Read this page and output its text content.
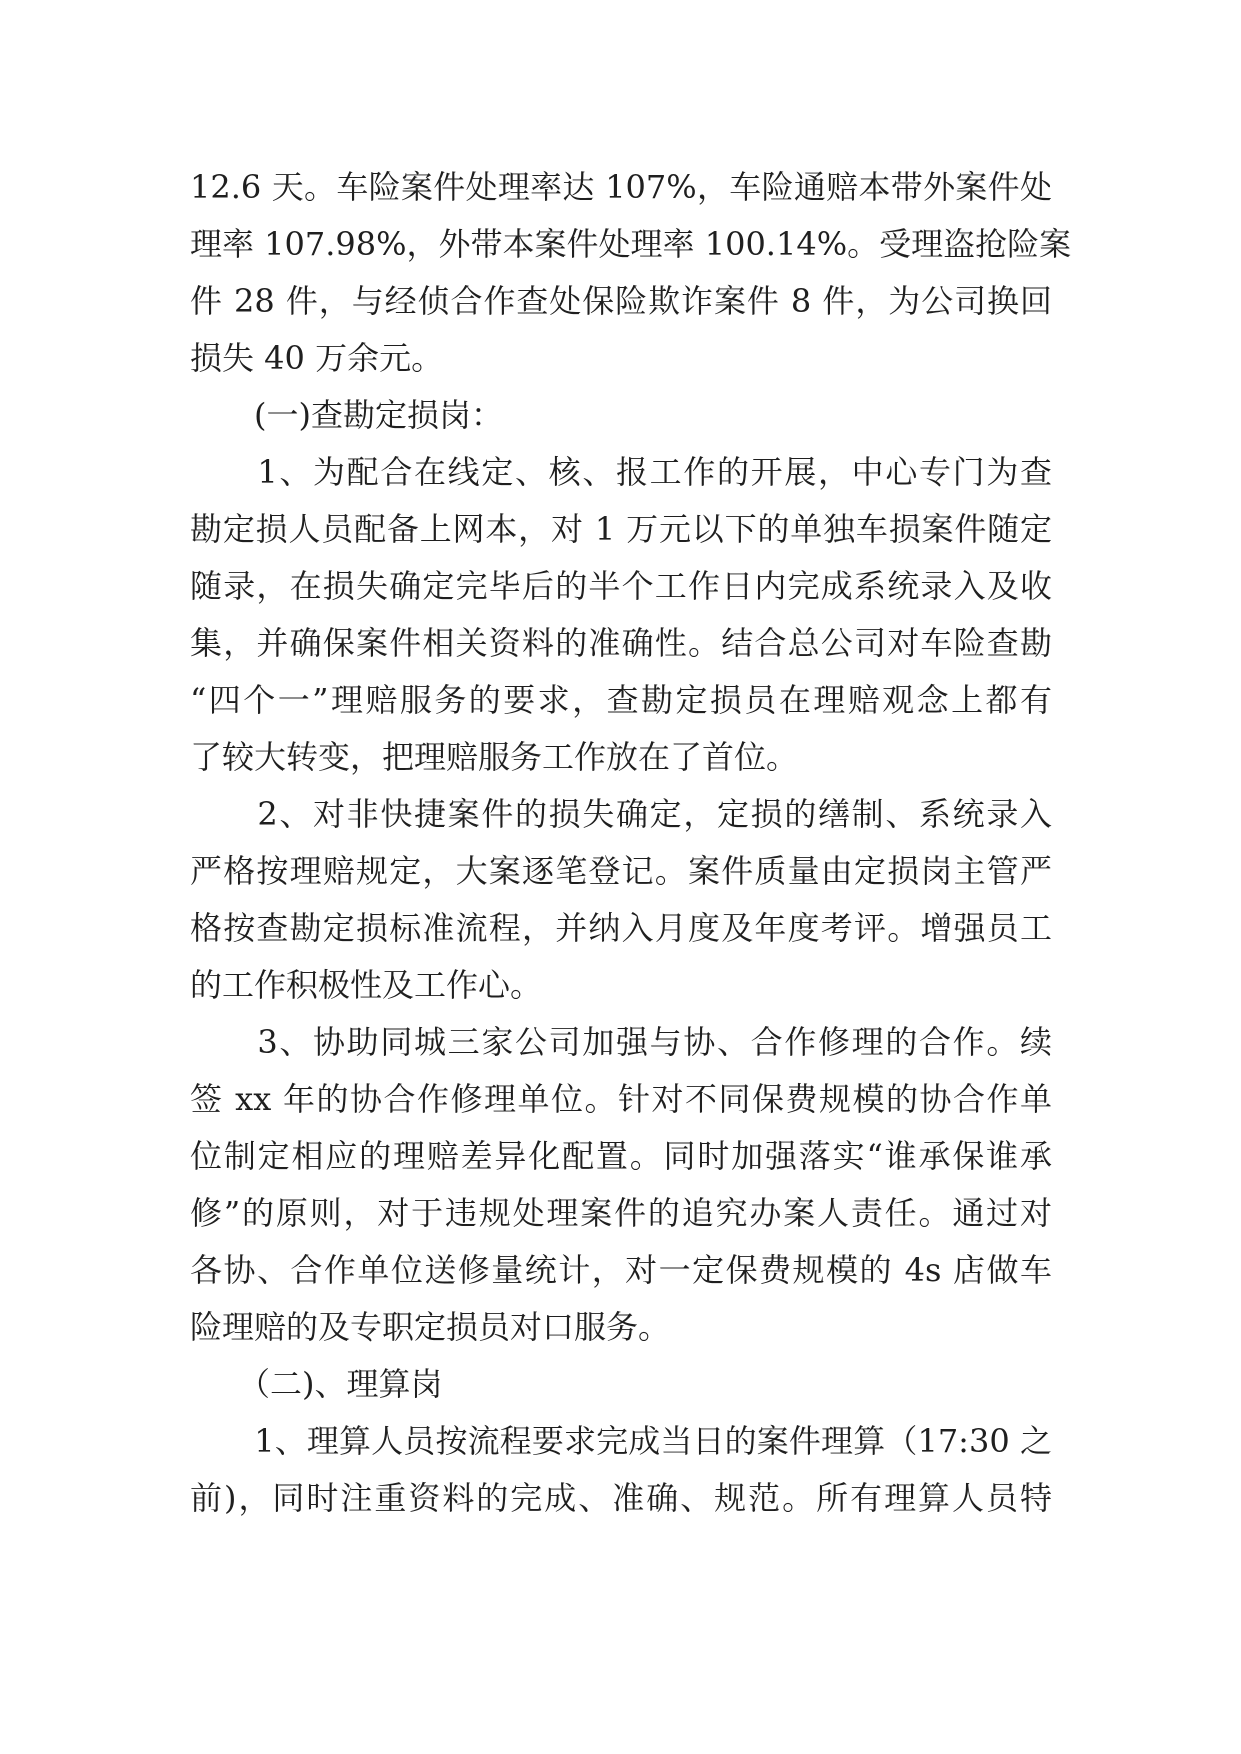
12.6 天。车险案件处理率达 107%，车险通赔本带外案件处
理率 107.98%，外带本案件处理率 100.14%。受理盗抢险案
件 28 件，与经侦合作查处保险欺诈案件 8 件，为公司换回
损失 40 万余元。
　　(一)查勘定损岗：
　　1、为配合在线定、核、报工作的开展，中心专门为查
勘定损人员配备上网本，对 1 万元以下的单独车损案件随定
随录，在损失确定完毕后的半个工作日内完成系统录入及收
集，并确保案件相关资料的准确性。结合总公司对车险查勘
“四个一”理赔服务的要求，查勘定损员在理赔观念上都有
了较大转变，把理赔服务工作放在了首位。
　　2、对非快捷案件的损失确定，定损的缮制、系统录入
严格按理赔规定，大案逐笔登记。案件质量由定损岗主管严
格按查勘定损标准流程，并纳入月度及年度考评。增强员工
的工作积极性及工作心。
　　3、协助同城三家公司加强与协、合作修理的合作。续
签 xx 年的协合作修理单位。针对不同保费规模的协合作单
位制定相应的理赔差异化配置。同时加强落实“谁承保谁承
修”的原则，对于违规处理案件的追究办案人责任。通过对
各协、合作单位送修量统计，对一定保费规模的 4s 店做车
险理赔的及专职定损员对口服务。
　　（二)、理算岗
　　1、理算人员按流程要求完成当日的案件理算（17:30 之
前)，同时注重资料的完成、准确、规范。所有理算人员特
